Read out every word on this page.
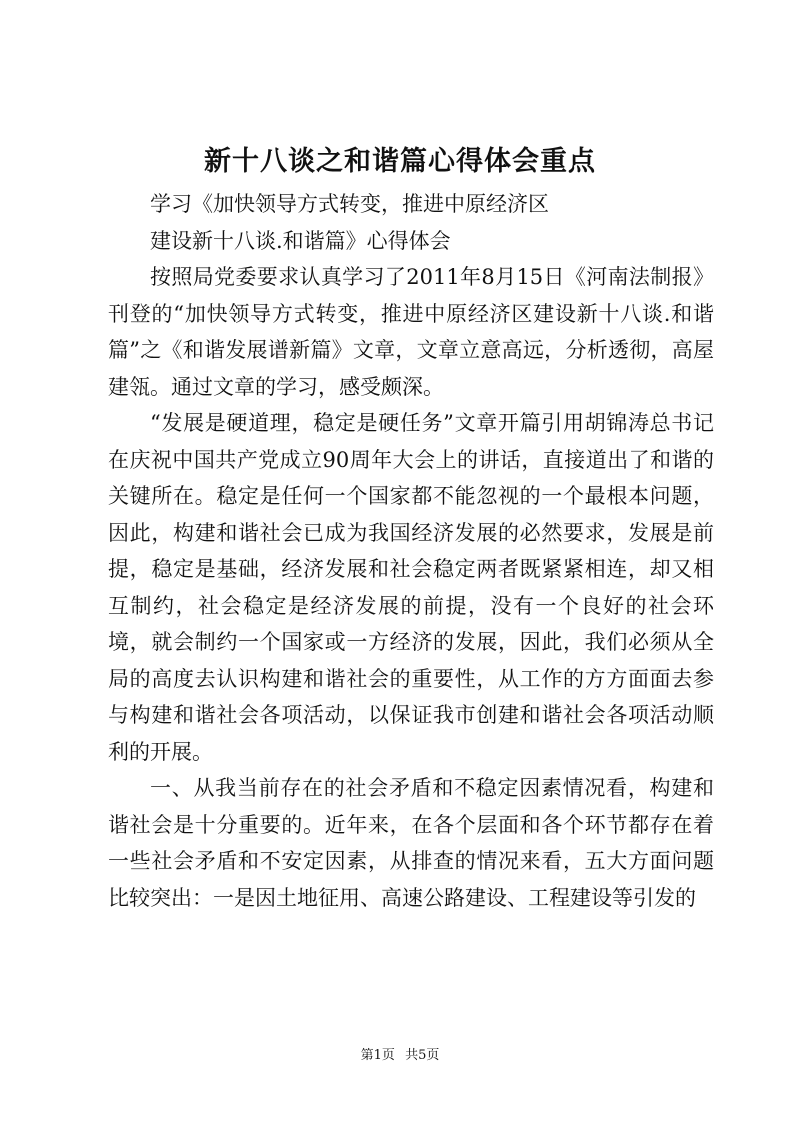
新十八谈之和谐篇心得体会重点

学习《加快领导方式转变，推进中原经济区

建设新十八谈.和谐篇》心得体会

按照局党委要求认真学习了2011年8月15日《河南法制报》刊登的“加快领导方式转变，推进中原经济区建设新十八谈.和谐篇”之《和谐发展谱新篇》文章，文章立意高远，分析透彻，高屋建瓴。通过文章的学习，感受颇深。

“发展是硬道理，稳定是硬任务”文章开篇引用胡锦涛总书记在庆祝中国共产党成立90周年大会上的讲话，直接道出了和谐的关键所在。稳定是任何一个国家都不能忽视的一个最根本问题，因此，构建和谐社会已成为我国经济发展的必然要求，发展是前提，稳定是基础，经济发展和社会稳定两者既紧紧相连，却又相互制约，社会稳定是经济发展的前提，没有一个良好的社会环境，就会制约一个国家或一方经济的发展，因此，我们必须从全局的高度去认识构建和谐社会的重要性，从工作的方方面面去参与构建和谐社会各项活动，以保证我市创建和谐社会各项活动顺利的开展。

一、从我当前存在的社会矛盾和不稳定因素情况看，构建和谐社会是十分重要的。近年来，在各个层面和各个环节都存在着一些社会矛盾和不安定因素，从排查的情况来看，五大方面问题比较突出：一是因土地征用、高速公路建设、工程建设等引发的

第1页 共5页
